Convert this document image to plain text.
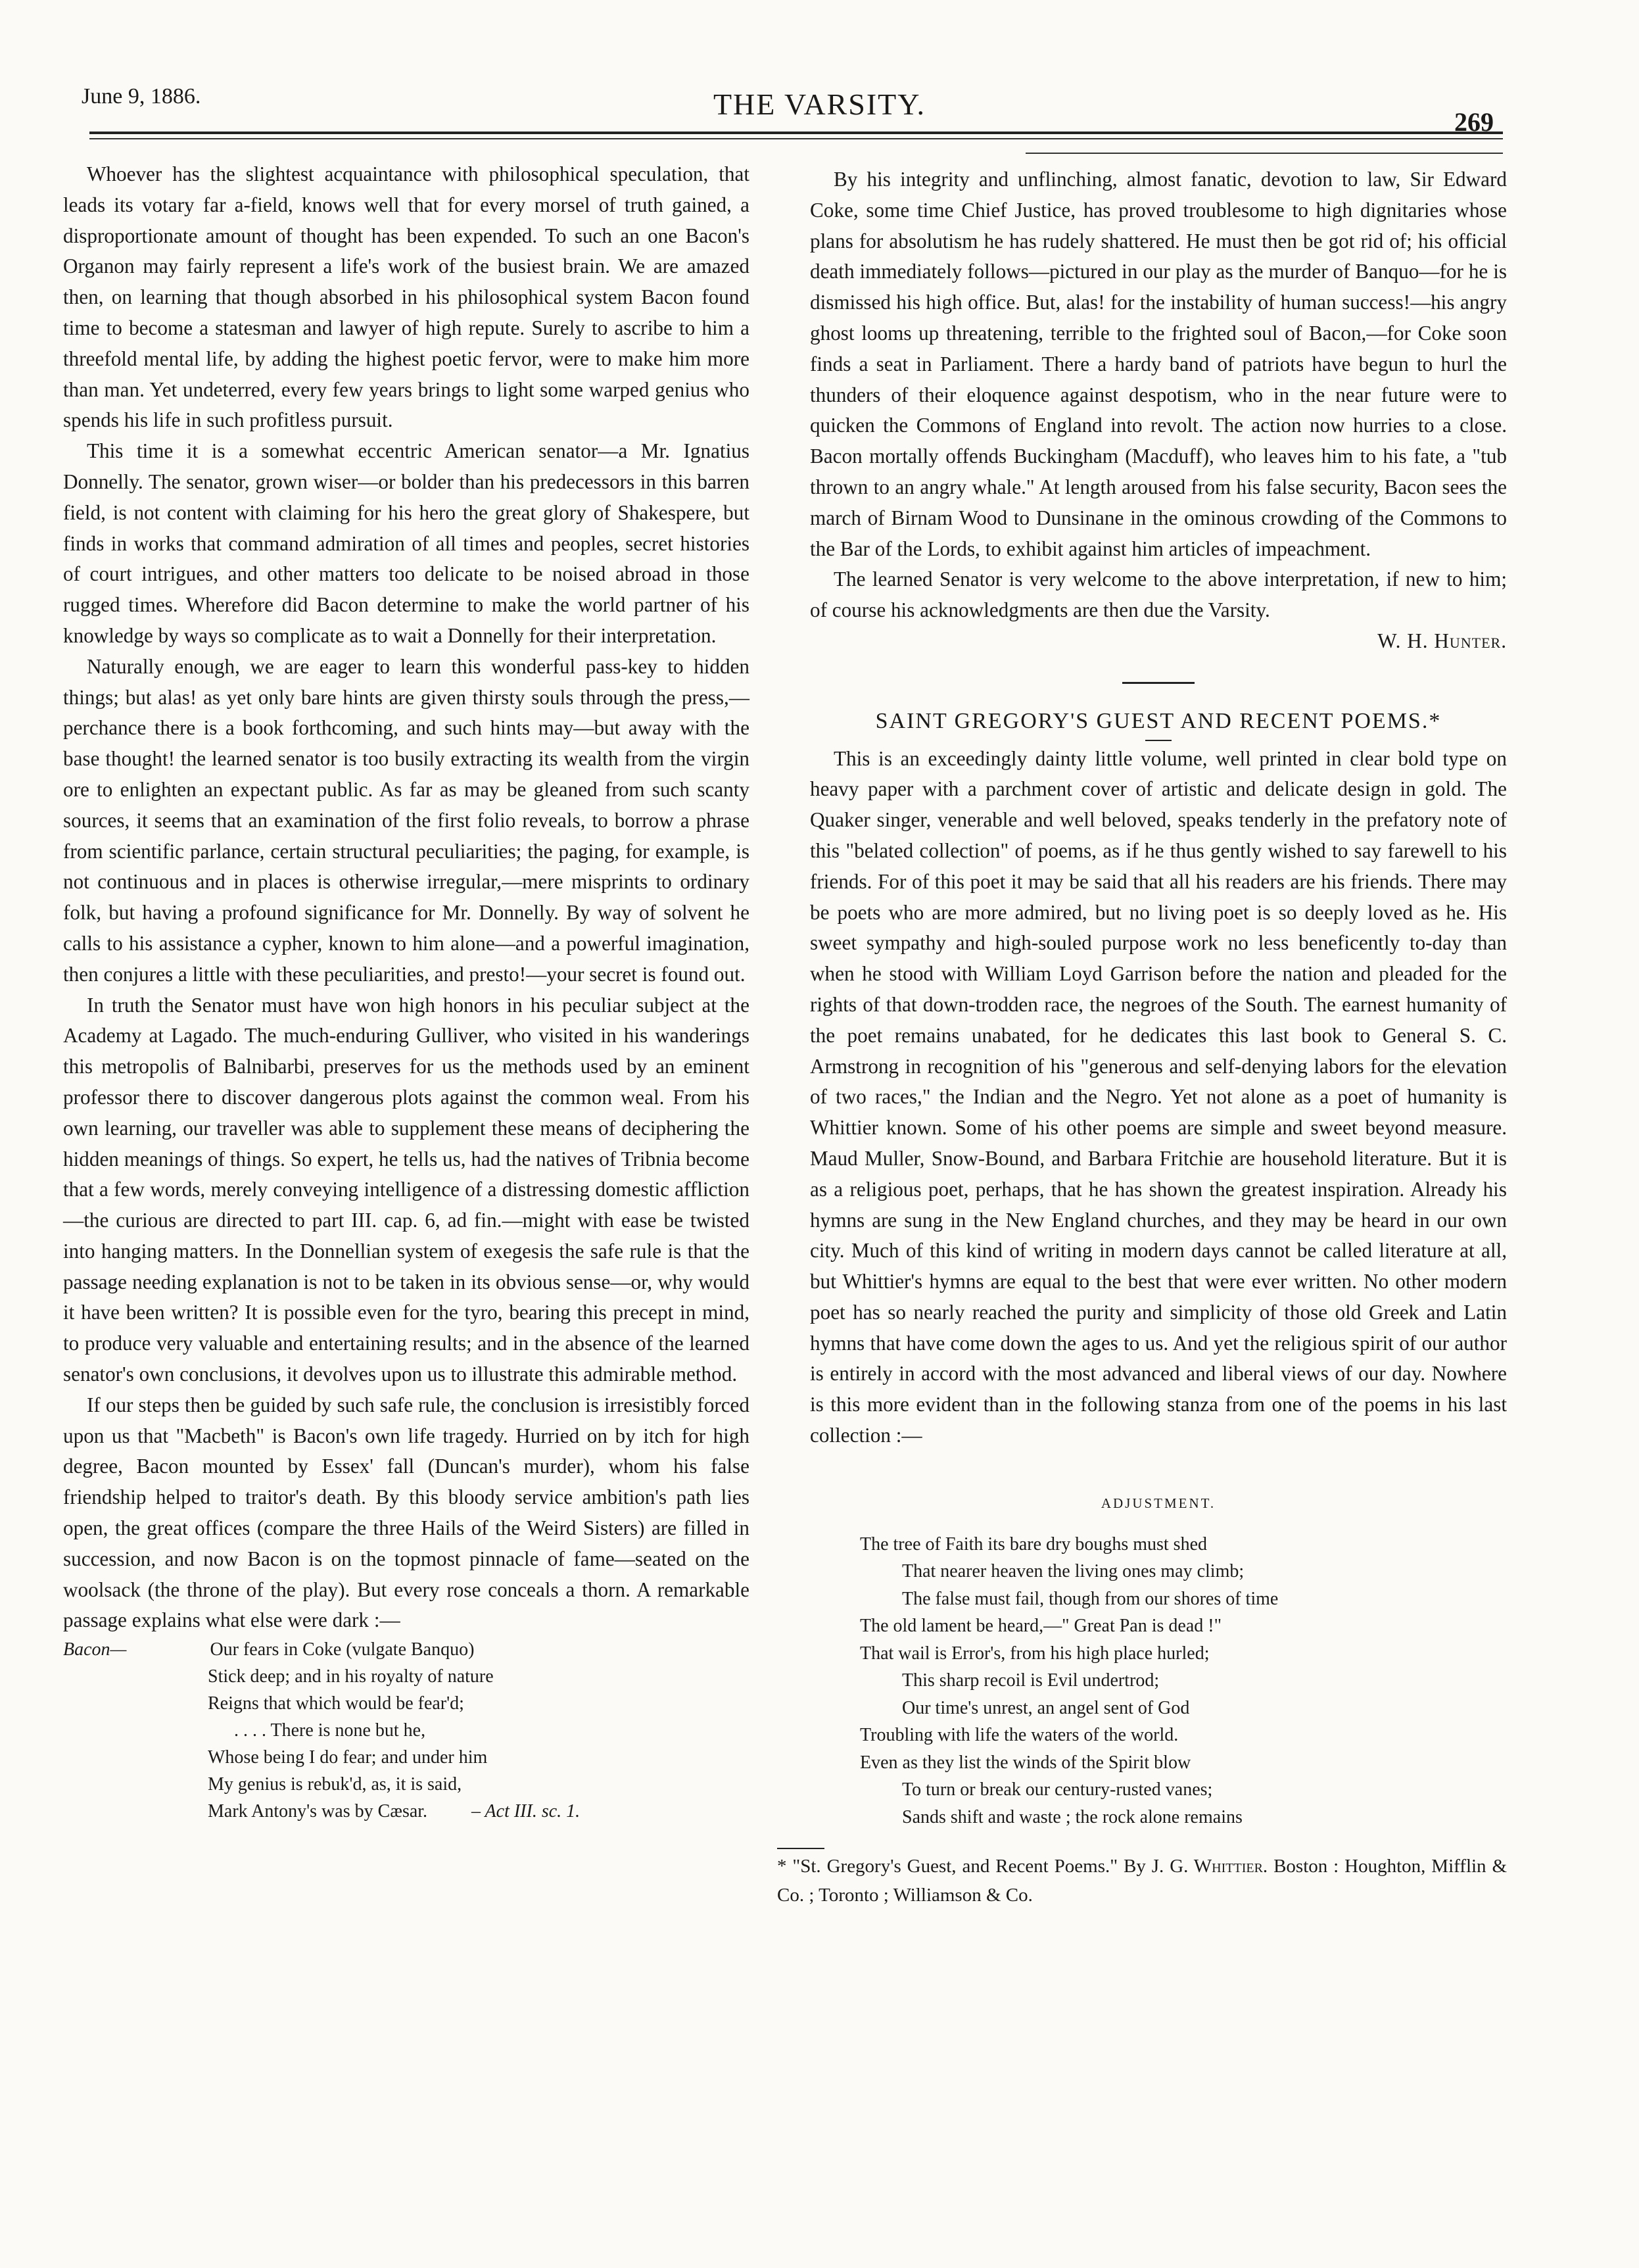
June 9, 1886.	THE VARSITY.
269

Whoever has the slightest acquaintance with philosophical speculation, that leads its votary far a-field, knows well that for every morsel of truth gained, a disproportionate amount of thought has been expended. To such an one Bacon's Organon may fairly represent a life's work of the busiest brain. We are amazed then, on learning that though absorbed in his philosophical system Bacon found time to become a statesman and lawyer of high repute. Surely to ascribe to him a threefold mental life, by adding the highest poetic fervor, were to make him more than man. Yet undeterred, every few years brings to light some warped genius who spends his life in such profitless pursuit.

This time it is a somewhat eccentric American senator—a Mr. Ignatius Donnelly. The senator, grown wiser—or bolder than his predecessors in this barren field, is not content with claiming for his hero the great glory of Shakespere, but finds in works that command admiration of all times and peoples, secret histories of court intrigues, and other matters too delicate to be noised abroad in those rugged times. Wherefore did Bacon determine to make the world partner of his knowledge by ways so complicate as to wait a Donnelly for their interpretation.

Naturally enough, we are eager to learn this wonderful pass-key to hidden things; but alas! as yet only bare hints are given thirsty souls through the press,—perchance there is a book forthcoming, and such hints may—but away with the base thought! the learned senator is too busily extracting its wealth from the virgin ore to enlighten an expectant public. As far as may be gleaned from such scanty sources, it seems that an examination of the first folio reveals, to borrow a phrase from scientific parlance, certain structural peculiarities; the paging, for example, is not continuous and in places is otherwise irregular,—mere misprints to ordinary folk, but having a profound significance for Mr. Donnelly. By way of solvent he calls to his assistance a cypher, known to him alone—and a powerful imagination, then conjures a little with these peculiarities, and presto!—your secret is found out.

In truth the Senator must have won high honors in his peculiar subject at the Academy at Lagado. The much-enduring Gulliver, who visited in his wanderings this metropolis of Balnibarbi, preserves for us the methods used by an eminent professor there to discover dangerous plots against the common weal. From his own learning, our traveller was able to supplement these means of deciphering the hidden meanings of things. So expert, he tells us, had the natives of Tribnia become that a few words, merely conveying intelligence of a distressing domestic affliction—the curious are directed to part III. cap. 6, ad fin.—might with ease be twisted into hanging matters. In the Donnellian system of exegesis the safe rule is that the passage needing explanation is not to be taken in its obvious sense—or, why would it have been written? It is possible even for the tyro, bearing this precept in mind, to produce very valuable and entertaining results; and in the absence of the learned senator's own conclusions, it devolves upon us to illustrate this admirable method.

If our steps then be guided by such safe rule, the conclusion is irresistibly forced upon us that "Macbeth" is Bacon's own life tragedy. Hurried on by itch for high degree, Bacon mounted by Essex' fall (Duncan's murder), whom his false friendship helped to traitor's death. By this bloody service ambition's path lies open, the great offices (compare the three Hails of the Weird Sisters) are filled in succession, and now Bacon is on the topmost pinnacle of fame—seated on the woolsack (the throne of the play). But every rose conceals a thorn. A remarkable passage explains what else were dark :—

Bacon—	Our fears in Coke (vulgate Banquo)
Stick deep; and in his royalty of nature
Reigns that which would be fear'd;
. . . . There is none but he,
Whose being I do fear; and under him
My genius is rebuk'd, as, it is said,
Mark Antony's was by Cæsar. – Act III. sc. 1.

By his integrity and unflinching, almost fanatic, devotion to law, Sir Edward Coke, some time Chief Justice, has proved troublesome to high dignitaries whose plans for absolutism he has rudely shattered. He must then be got rid of; his official death immediately follows—pictured in our play as the murder of Banquo—for he is dismissed his high office. But, alas! for the instability of human success!—his angry ghost looms up threatening, terrible to the frighted soul of Bacon,—for Coke soon finds a seat in Parliament. There a hardy band of patriots have begun to hurl the thunders of their eloquence against despotism, who in the near future were to quicken the Commons of England into revolt. The action now hurries to a close. Bacon mortally offends Buckingham (Macduff), who leaves him to his fate, a "tub thrown to an angry whale." At length aroused from his false security, Bacon sees the march of Birnam Wood to Dunsinane in the ominous crowding of the Commons to the Bar of the Lords, to exhibit against him articles of impeachment.

The learned Senator is very welcome to the above interpretation, if new to him; of course his acknowledgments are then due the Varsity.

W. H. Hunter.
SAINT GREGORY'S GUEST AND RECENT POEMS.*

This is an exceedingly dainty little volume, well printed in clear bold type on heavy paper with a parchment cover of artistic and delicate design in gold. The Quaker singer, venerable and well beloved, speaks tenderly in the prefatory note of this "belated collection" of poems, as if he thus gently wished to say farewell to his friends. For of this poet it may be said that all his readers are his friends. There may be poets who are more admired, but no living poet is so deeply loved as he. His sweet sympathy and high-souled purpose work no less beneficently to-day than when he stood with William Loyd Garrison before the nation and pleaded for the rights of that down-trodden race, the negroes of the South. The earnest humanity of the poet remains unabated, for he dedicates this last book to General S. C. Armstrong in recognition of his "generous and self-denying labors for the elevation of two races," the Indian and the Negro. Yet not alone as a poet of humanity is Whittier known. Some of his other poems are simple and sweet beyond measure. Maud Muller, Snow-Bound, and Barbara Fritchie are household literature. But it is as a religious poet, perhaps, that he has shown the greatest inspiration. Already his hymns are sung in the New England churches, and they may be heard in our own city. Much of this kind of writing in modern days cannot be called literature at all, but Whittier's hymns are equal to the best that were ever written. No other modern poet has so nearly reached the purity and simplicity of those old Greek and Latin hymns that have come down the ages to us. And yet the religious spirit of our author is entirely in accord with the most advanced and liberal views of our day. Nowhere is this more evident than in the following stanza from one of the poems in his last collection :—

ADJUSTMENT.
The tree of Faith its bare dry boughs must shed
That nearer heaven the living ones may climb;
The false must fail, though from our shores of time
The old lament be heard,—" Great Pan is dead !"
That wail is Error's, from his high place hurled;
This sharp recoil is Evil undertrod;
Our time's unrest, an angel sent of God
Troubling with life the waters of the world.
Even as they list the winds of the Spirit blow
To turn or break our century-rusted vanes;
Sands shift and waste ; the rock alone remains
* "St. Gregory's Guest, and Recent Poems." By J. G. Whittier. Boston : Houghton, Mifflin & Co. ; Toronto ; Williamson & Co.
